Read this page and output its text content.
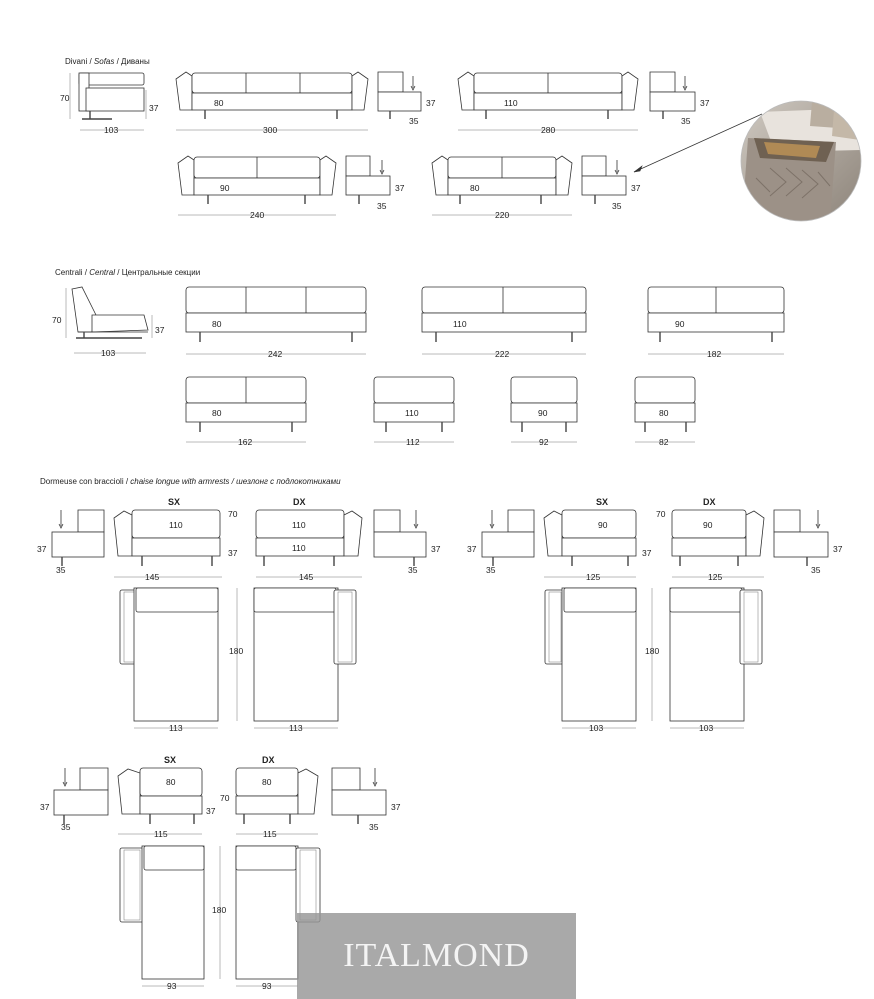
Divani / Sofas / Диваны
70
37
103
80
300
37
35
110
280
37
35
90
240
37
35
80
220
37
35
Centrali / Central / Центральные секции
70
37
103
80
242
110
222
90
182
80
162
110
112
90
92
80
82
Dormeuse con braccioli / chaise longue with armrests / шезлонг с подлокотниками
37
35
SX
110
70
37
145
DX
110
110
145
37
35
180
113	113
37
35
SX
90
70
37
125
DX
90
125
37
35
180
103	103
37
35
SX
80
70
37
115
DX
80
115
37
35
180
93	93
ITALMOND
